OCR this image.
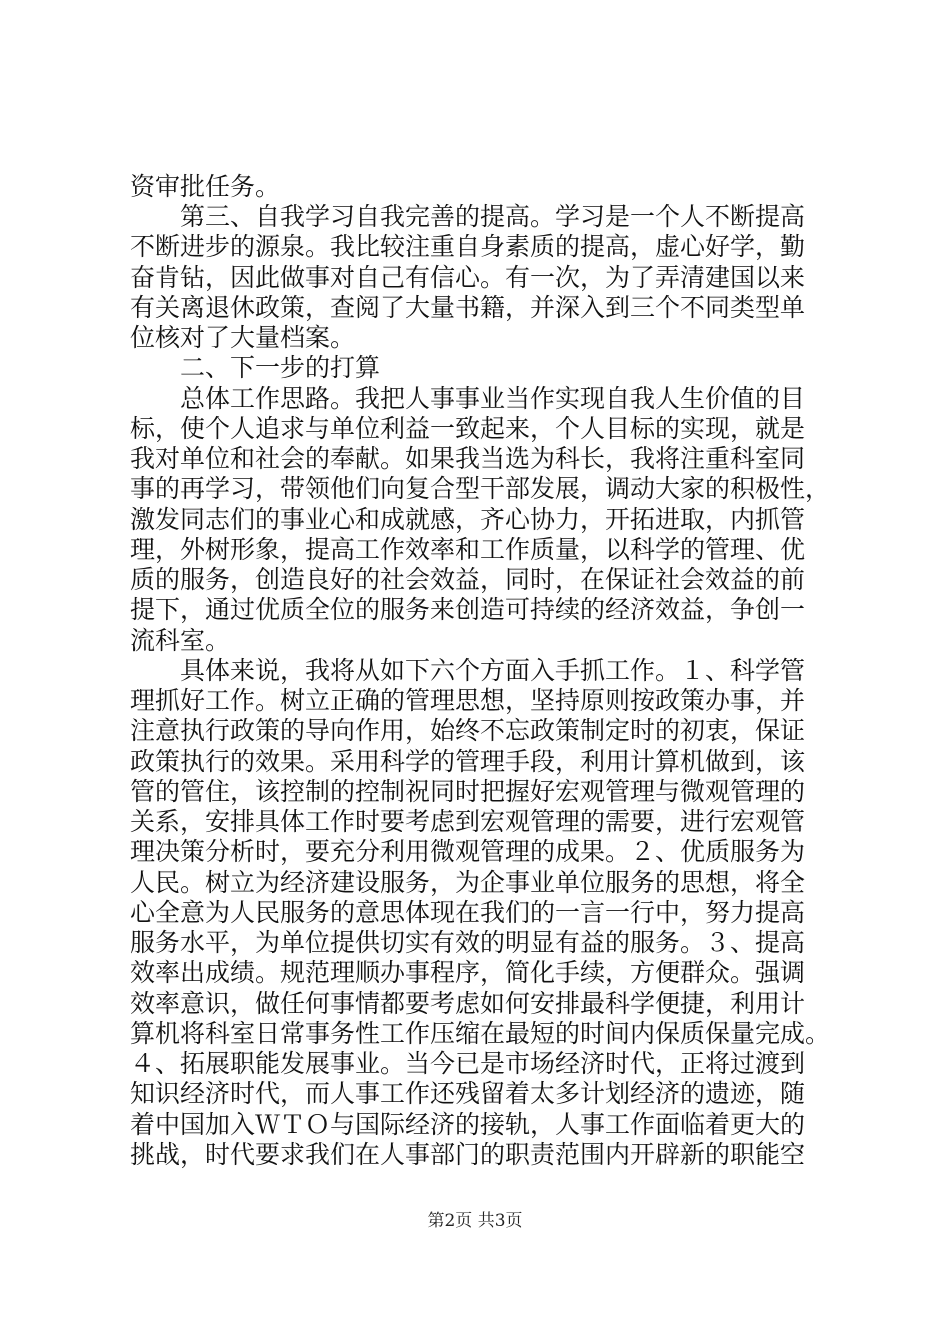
资审批任务。
　　第三、自我学习自我完善的提高。学习是一个人不断提高
不断进步的源泉。我比较注重自身素质的提高，虚心好学，勤
奋肯钻，因此做事对自己有信心。有一次，为了弄清建国以来
有关离退休政策，查阅了大量书籍，并深入到三个不同类型单
位核对了大量档案。
　　二、下一步的打算
　　总体工作思路。我把人事事业当作实现自我人生价值的目
标，使个人追求与单位利益一致起来，个人目标的实现，就是
我对单位和社会的奉献。如果我当选为科长，我将注重科室同
事的再学习，带领他们向复合型干部发展，调动大家的积极性，
激发同志们的事业心和成就感，齐心协力，开拓进取，内抓管
理，外树形象，提高工作效率和工作质量，以科学的管理、优
质的服务，创造良好的社会效益，同时，在保证社会效益的前
提下，通过优质全位的服务来创造可持续的经济效益，争创一
流科室。
　　具体来说，我将从如下六个方面入手抓工作。１、科学管
理抓好工作。树立正确的管理思想，坚持原则按政策办事，并
注意执行政策的导向作用，始终不忘政策制定时的初衷，保证
政策执行的效果。采用科学的管理手段，利用计算机做到，该
管的管住，该控制的控制祝同时把握好宏观管理与微观管理的
关系，安排具体工作时要考虑到宏观管理的需要，进行宏观管
理决策分析时，要充分利用微观管理的成果。２、优质服务为
人民。树立为经济建设服务，为企事业单位服务的思想，将全
心全意为人民服务的意思体现在我们的一言一行中，努力提高
服务水平，为单位提供切实有效的明显有益的服务。３、提高
效率出成绩。规范理顺办事程序，简化手续，方便群众。强调
效率意识，做任何事情都要考虑如何安排最科学便捷，利用计
算机将科室日常事务性工作压缩在最短的时间内保质保量完成。
４、拓展职能发展事业。当今已是市场经济时代，正将过渡到
知识经济时代，而人事工作还残留着太多计划经济的遗迹，随
着中国加入ＷＴＯ与国际经济的接轨，人事工作面临着更大的
挑战，时代要求我们在人事部门的职责范围内开辟新的职能空
第2页 共3页
